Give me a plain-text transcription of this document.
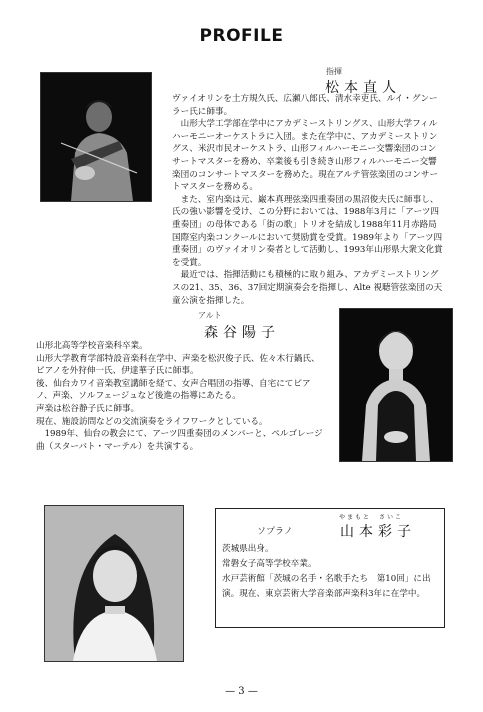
PROFILE
指揮
松本直人
ヴァイオリンを土方規久氏、広瀬八郎氏、清水幸吏氏、ルイ・グンーラー氏に師事。
　山形大学工学部在学中にアカデミーストリングス、山形大学フィルハーモニーオーケストラに入団。また在学中に、アカデミーストリングス、米沢市民オーケストラ、山形フィルハーモニー交響楽団のコンサートマスターを務め、卒業後も引き続き山形フィルハーモニー交響楽団のコンサートマスターを務めた。現在アルテ管弦楽団のコンサートマスターを務める。
　また、室内楽は元、巌本真理弦楽四重奏団の黒沼俊夫氏に師事し、氏の強い影響を受け、この分野においては、1988年3月に「アーツ四重奏団」の母体である「街の歌」トリオを結成し1988年11月赤路局国際室内楽コンクールにおいて奨励賞を受賞。1989年より「アーツ四重奏団」のヴァイオリン奏者として活動し、1993年山形県大衆文化賞を受賞。
　最近では、指揮活動にも積極的に取り組み、アカデミーストリングスの21、35、36、37回定期演奏会を指揮し、Alte 視聴管弦楽団の天童公演を指揮した。
アルト
森谷陽子
山形北高等学校音楽科卒業。
山形大学教育学部特設音楽科在学中、声楽を松沢俊子氏、佐々木行鍋氏、ピアノを外狩伸一氏、伊達華子氏に師事。
後、仙台カワイ音楽教室講師を経て、女声合唱団の指導、自宅にてピアノ、声楽、ソルフェージュなど後進の指導にあたる。
声楽は松谷静子氏に師事。
現在、施設訪問などの交流演奏をライフワークとしている。
　1989年、仙台の教会にて、アーツ四重奏団のメンバーと、ペルゴレージ曲（スターバト・マーテル）を共演する。
ソプラノ
やまもと　さいこ
山本彩子
茨城県出身。
常磐女子高等学校卒業。
水戸芸術館「茨城の名手・名歌手たち　第10回」に出演。現在、東京芸術大学音楽部声楽科3年に在学中。
— 3 —
